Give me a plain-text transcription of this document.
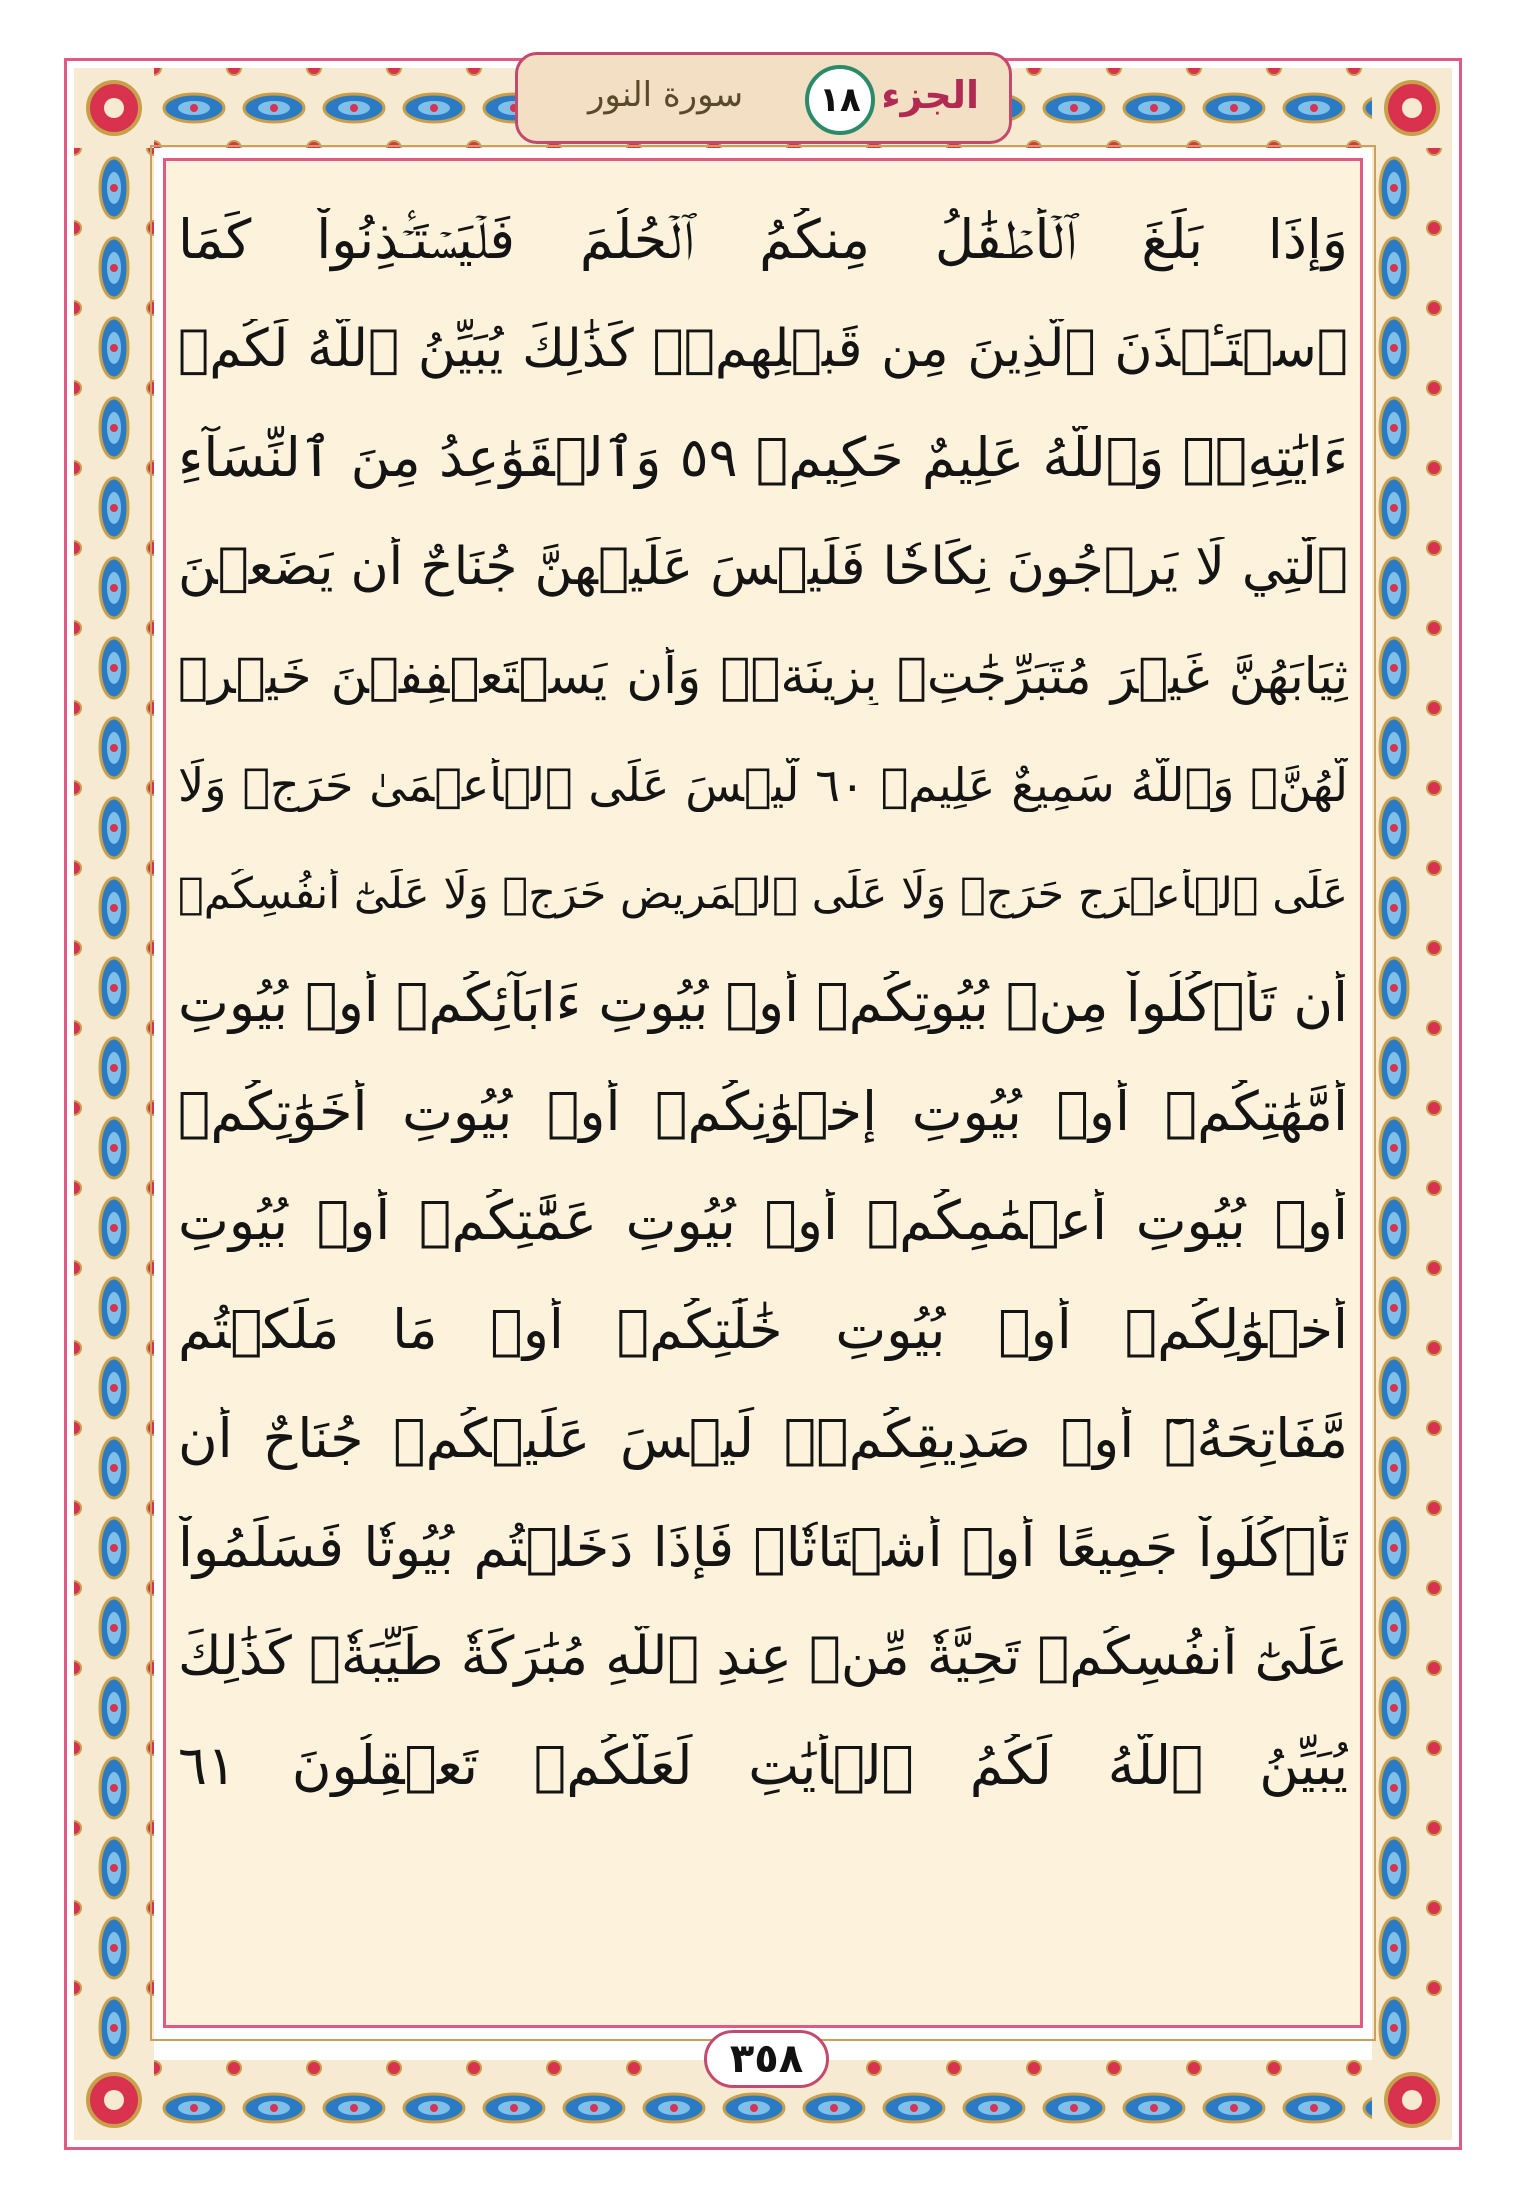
الجزء
١٨
سورة النور
وَإِذَا بَلَغَ ٱلۡأَطۡفَٰلُ مِنكُمُ ٱلۡحُلُمَ فَلۡيَسۡتَـٔۡذِنُواْ كَمَا
ٱسۡتَـٔۡذَنَ ٱلَّذِينَ مِن قَبۡلِهِمۡۚ كَذَٰلِكَ يُبَيِّنُ ٱللَّهُ لَكُمۡ
ءَايَٰتِهِۦۗ وَٱللَّهُ عَلِيمٌ حَكِيمٞ ٥٩ وَٱلۡقَوَٰعِدُ مِنَ ٱلنِّسَآءِ
ٱلَّٰتِي لَا يَرۡجُونَ نِكَاحٗا فَلَيۡسَ عَلَيۡهِنَّ جُنَاحٌ أَن يَضَعۡنَ
ثِيَابَهُنَّ غَيۡرَ مُتَبَرِّجَٰتِۭ بِزِينَةٖۖ وَأَن يَسۡتَعۡفِفۡنَ خَيۡرٞ
لَّهُنَّۗ وَٱللَّهُ سَمِيعٌ عَلِيمٞ ٦٠ لَّيۡسَ عَلَى ٱلۡأَعۡمَىٰ حَرَجٞ وَلَا
عَلَى ٱلۡأَعۡرَجِ حَرَجٞ وَلَا عَلَى ٱلۡمَرِيضِ حَرَجٞ وَلَا عَلَىٰٓ أَنفُسِكُمۡ
أَن تَأۡكُلُواْ مِنۢ بُيُوتِكُمۡ أَوۡ بُيُوتِ ءَابَآئِكُمۡ أَوۡ بُيُوتِ
أُمَّهَٰتِكُمۡ أَوۡ بُيُوتِ إِخۡوَٰنِكُمۡ أَوۡ بُيُوتِ أَخَوَٰتِكُمۡ
أَوۡ بُيُوتِ أَعۡمَٰمِكُمۡ أَوۡ بُيُوتِ عَمَّٰتِكُمۡ أَوۡ بُيُوتِ
أَخۡوَٰلِكُمۡ أَوۡ بُيُوتِ خَٰلَٰتِكُمۡ أَوۡ مَا مَلَكۡتُم
مَّفَاتِحَهُۥٓ أَوۡ صَدِيقِكُمۡۚ لَيۡسَ عَلَيۡكُمۡ جُنَاحٌ أَن
تَأۡكُلُواْ جَمِيعًا أَوۡ أَشۡتَاتٗاۚ فَإِذَا دَخَلۡتُم بُيُوتٗا فَسَلِّمُواْ
عَلَىٰٓ أَنفُسِكُمۡ تَحِيَّةٗ مِّنۡ عِندِ ٱللَّهِ مُبَٰرَكَةٗ طَيِّبَةٗۚ كَذَٰلِكَ
يُبَيِّنُ ٱللَّهُ لَكُمُ ٱلۡأٓيَٰتِ لَعَلَّكُمۡ تَعۡقِلُونَ ٦١
٣٥٨
